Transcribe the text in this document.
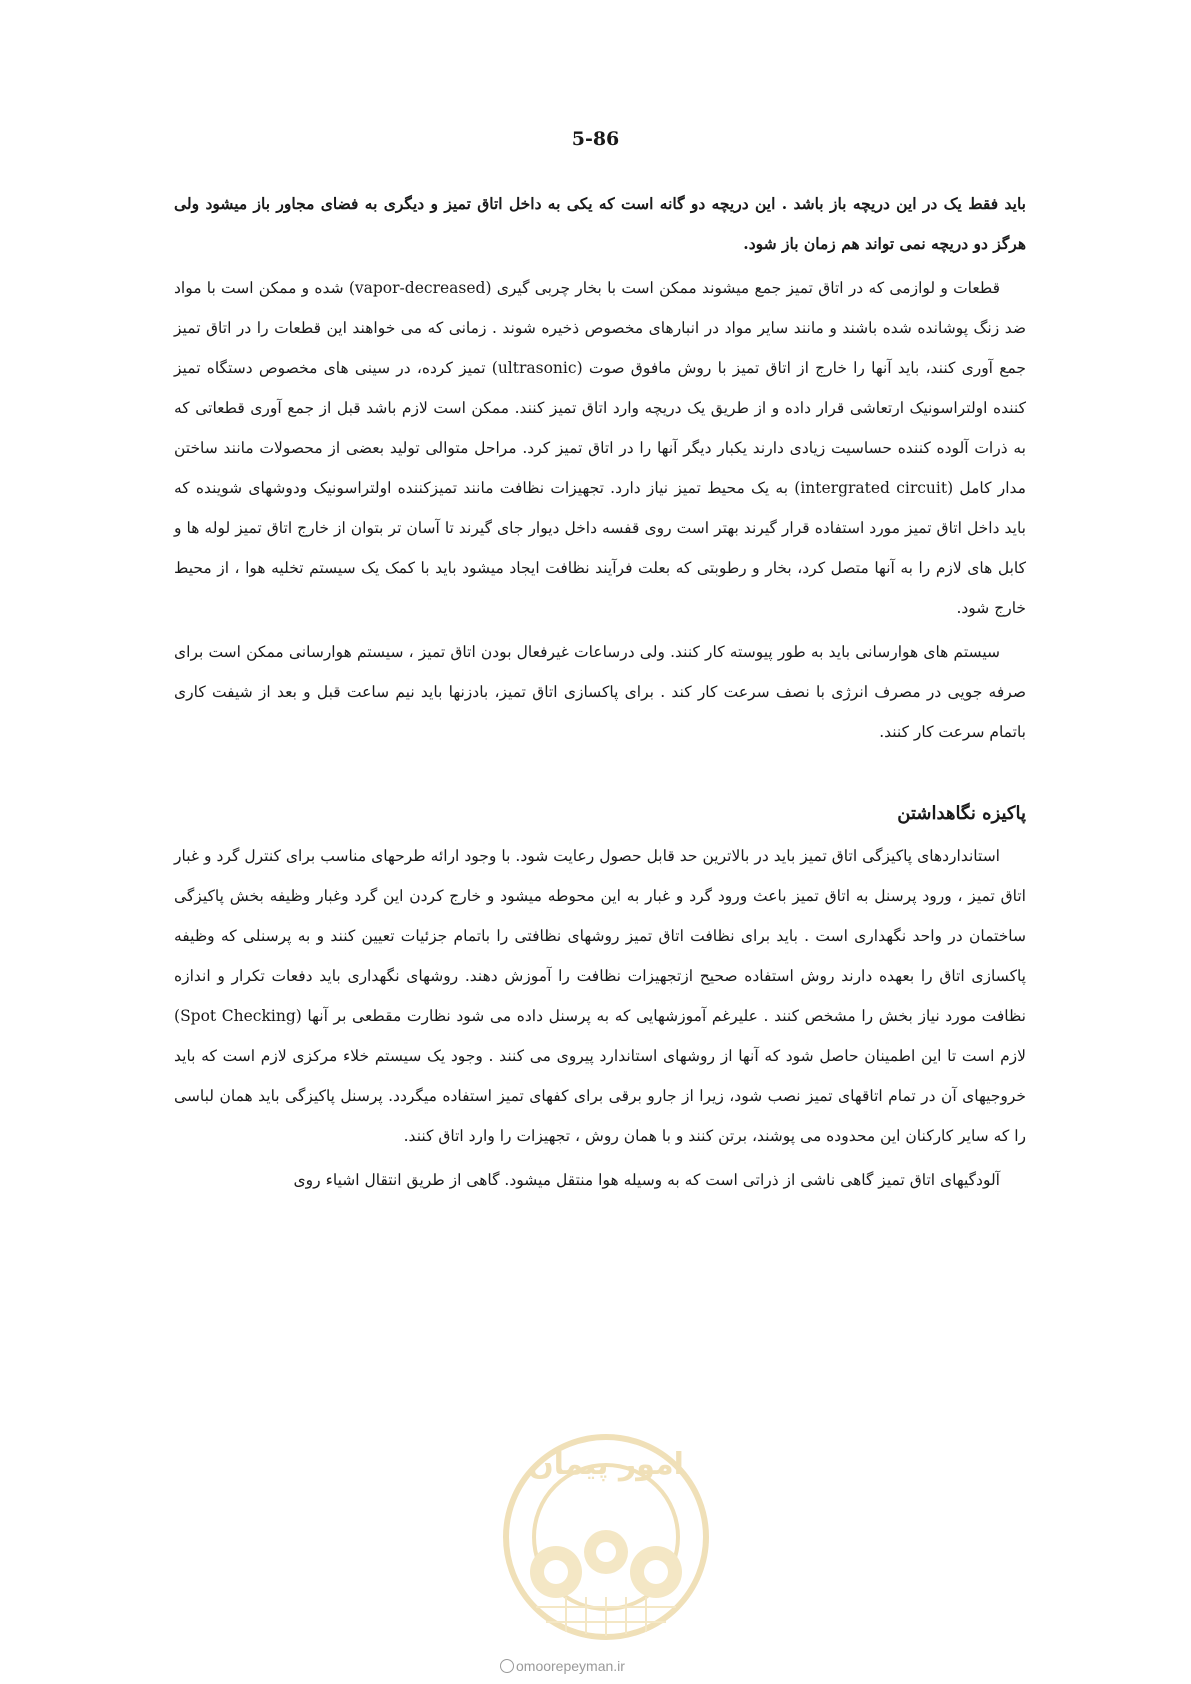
5-86

باید فقط یک در این دریچه باز باشد . این دریچه دو گانه است که یکی به داخل اتاق تمیز و دیگری به فضای مجاور باز میشود ولی هرگز دو دریچه نمی تواند هم زمان باز شود.

قطعات و لوازمی که در اتاق تمیز جمع میشوند ممکن است با بخار چربی گیری (vapor-decreased) شده و ممکن است با مواد ضد زنگ پوشانده شده باشند و مانند سایر مواد در انبارهای مخصوص ذخیره شوند . زمانی که می خواهند این قطعات را در اتاق تمیز جمع آوری کنند، باید آنها را خارج از اتاق تمیز با روش مافوق صوت (ultrasonic) تمیز کرده، در سینی های مخصوص دستگاه تمیز کننده اولتراسونیک ارتعاشی قرار داده و از طریق یک دریچه وارد اتاق تمیز کنند. ممکن است لازم باشد قبل از جمع آوری قطعاتی که به ذرات آلوده کننده حساسیت زیادی دارند یکبار دیگر آنها را در اتاق تمیز کرد. مراحل متوالی تولید بعضی از محصولات مانند ساختن مدار کامل (intergrated circuit) به یک محیط تمیز نیاز دارد. تجهیزات نظافت مانند تمیزکننده اولتراسونیک ودوشهای شوینده که باید داخل اتاق تمیز مورد استفاده قرار گیرند بهتر است روی قفسه داخل دیوار جای گیرند تا آسان تر بتوان از خارج اتاق تمیز لوله ها و کابل های لازم را به آنها متصل کرد، بخار و رطوبتی که بعلت فرآیند نظافت ایجاد میشود باید با کمک یک سیستم تخلیه هوا ، از محیط خارج شود.

سیستم های هوارسانی باید به طور پیوسته کار کنند. ولی درساعات غیرفعال بودن اتاق تمیز ، سیستم هوارسانی ممکن است برای صرفه جویی در مصرف انرژی با نصف سرعت کار کند . برای پاکسازی اتاق تمیز، بادزنها باید نیم ساعت قبل و بعد از شیفت کاری باتمام سرعت کار کنند.

پاکیزه نگاهداشتن

استانداردهای پاکیزگی اتاق تمیز باید در بالاترین حد قابل حصول رعایت شود. با وجود ارائه طرحهای مناسب برای کنترل گرد و غبار اتاق تمیز ، ورود پرسنل به اتاق تمیز باعث ورود گرد و غبار به این محوطه میشود و خارج کردن این گرد وغبار وظیفه بخش پاکیزگی ساختمان در واحد نگهداری است . باید برای نظافت اتاق تمیز روشهای نظافتی را باتمام جزئیات تعیین کنند و به پرسنلی که وظیفه پاکسازی اتاق را بعهده دارند روش استفاده صحیح ازتجهیزات نظافت را آموزش دهند. روشهای نگهداری باید دفعات تکرار و اندازه نظافت مورد نیاز بخش را مشخص کنند . علیرغم آموزشهایی که به پرسنل داده می شود نظارت مقطعی بر آنها (Spot Checking) لازم است تا این اطمینان حاصل شود که آنها از روشهای استاندارد پیروی می کنند . وجود یک سیستم خلاء مرکزی لازم است که باید خروجیهای آن در تمام اتاقهای تمیز نصب شود، زیرا از جارو برقی برای کفهای تمیز استفاده میگردد. پرسنل پاکیزگی باید همان لباسی را که سایر کارکنان این محدوده می پوشند، برتن کنند و با همان روش ، تجهیزات را وارد اتاق کنند.

آلودگیهای اتاق تمیز گاهی ناشی از ذراتی است که به وسیله هوا منتقل میشود. گاهی از طریق انتقال اشیاء روی

امور پیمان
omoorepeyman.ir
